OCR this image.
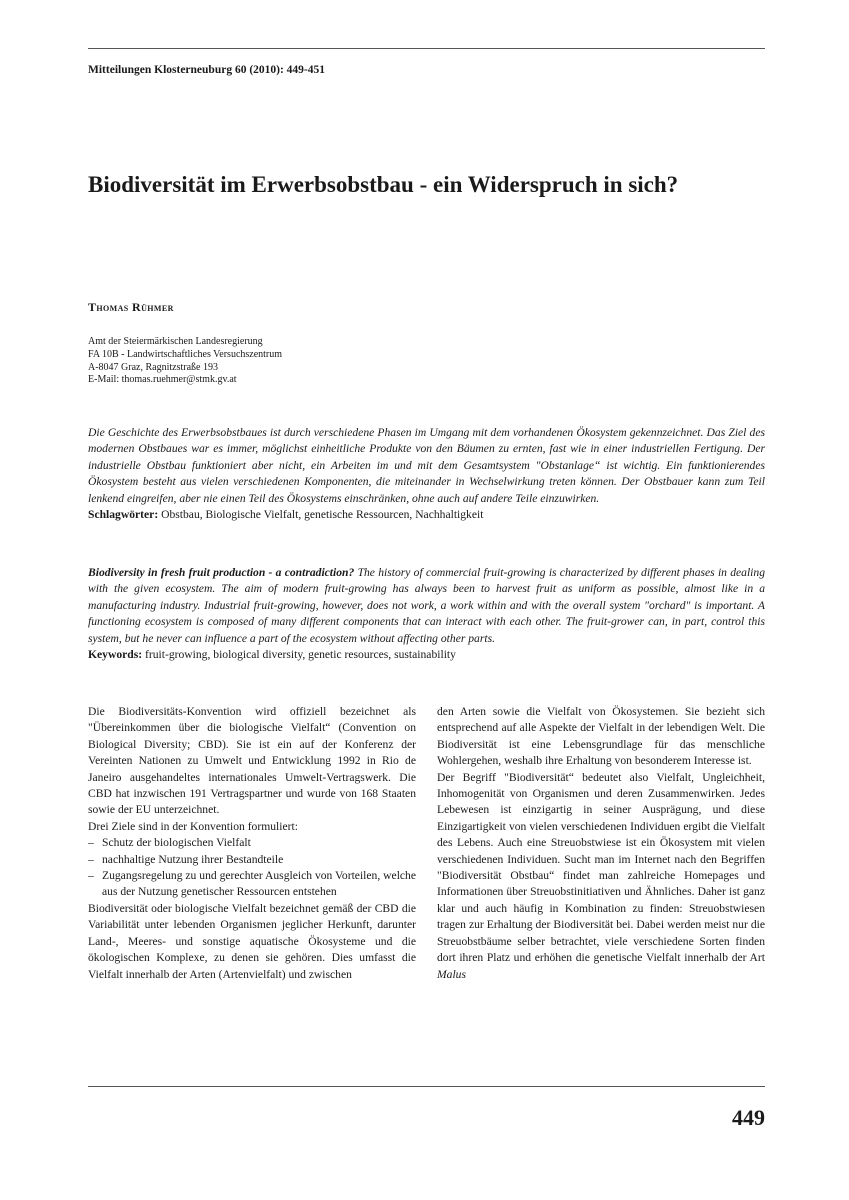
Mitteilungen Klosterneuburg 60 (2010): 449-451
Biodiversität im Erwerbsobstbau - ein Widerspruch in sich?
Thomas Rühmer
Amt der Steiermärkischen Landesregierung
FA 10B - Landwirtschaftliches Versuchszentrum
A-8047 Graz, Ragnitzstraße 193
E-Mail: thomas.ruehmer@stmk.gv.at
Die Geschichte des Erwerbsobstbaues ist durch verschiedene Phasen im Umgang mit dem vorhandenen Ökosystem gekennzeichnet. Das Ziel des modernen Obstbaues war es immer, möglichst einheitliche Produkte von den Bäumen zu ernten, fast wie in einer industriellen Fertigung. Der industrielle Obstbau funktioniert aber nicht, ein Arbeiten im und mit dem Gesamtsystem "Obstanlage“ ist wichtig. Ein funktionierendes Ökosystem besteht aus vielen verschiedenen Komponenten, die miteinander in Wechselwirkung treten können. Der Obstbauer kann zum Teil lenkend eingreifen, aber nie einen Teil des Ökosystems einschränken, ohne auch auf andere Teile einzuwirken.
Schlagwörter: Obstbau, Biologische Vielfalt, genetische Ressourcen, Nachhaltigkeit
Biodiversity in fresh fruit production - a contradiction? The history of commercial fruit-growing is characterized by different phases in dealing with the given ecosystem. The aim of modern fruit-growing has always been to harvest fruit as uniform as possible, almost like in a manufacturing industry. Industrial fruit-growing, however, does not work, a work within and with the overall system "orchard" is important. A functioning ecosystem is composed of many different components that can interact with each other. The fruit-grower can, in part, control this system, but he never can influence a part of the ecosystem without affecting other parts.
Keywords: fruit-growing, biological diversity, genetic resources, sustainability

Die Biodiversitäts-Konvention wird offiziell bezeichnet als "Übereinkommen über die biologische Vielfalt“ (Convention on Biological Diversity; CBD). Sie ist ein auf der Konferenz der Vereinten Nationen zu Umwelt und Entwicklung 1992 in Rio de Janeiro ausgehandeltes internationales Umwelt-Vertragswerk. Die CBD hat inzwischen 191 Vertragspartner und wurde von 168 Staaten sowie der EU unterzeichnet.

Drei Ziele sind in der Konvention formuliert:

– Schutz der biologischen Vielfalt
– nachhaltige Nutzung ihrer Bestandteile
– Zugangsregelung zu und gerechter Ausgleich von Vorteilen, welche aus der Nutzung genetischer Ressourcen entstehen

Biodiversität oder biologische Vielfalt bezeichnet gemäß der CBD die Variabilität unter lebenden Organismen jeglicher Herkunft, darunter Land-, Meeres- und sonstige aquatische Ökosysteme und die ökologischen Komplexe, zu denen sie gehören. Dies umfasst die Vielfalt innerhalb der Arten (Artenvielfalt) und zwischen

den Arten sowie die Vielfalt von Ökosystemen. Sie bezieht sich entsprechend auf alle Aspekte der Vielfalt in der lebendigen Welt. Die Biodiversität ist eine Lebensgrundlage für das menschliche Wohlergehen, weshalb ihre Erhaltung von besonderem Interesse ist.

Der Begriff "Biodiversität“ bedeutet also Vielfalt, Ungleichheit, Inhomogenität von Organismen und deren Zusammenwirken. Jedes Lebewesen ist einzigartig in seiner Ausprägung, und diese Einzigartigkeit von vielen verschiedenen Individuen ergibt die Vielfalt des Lebens. Auch eine Streuobstwiese ist ein Ökosystem mit vielen verschiedenen Individuen. Sucht man im Internet nach den Begriffen "Biodiversität Obstbau“ findet man zahlreiche Homepages und Informationen über Streuobstinitiativen und Ähnliches. Daher ist ganz klar und auch häufig in Kombination zu finden: Streuobstwiesen tragen zur Erhaltung der Biodiversität bei. Dabei werden meist nur die Streuobstbäume selber betrachtet, viele verschiedene Sorten finden dort ihren Platz und erhöhen die genetische Vielfalt innerhalb der Art Malus

449
